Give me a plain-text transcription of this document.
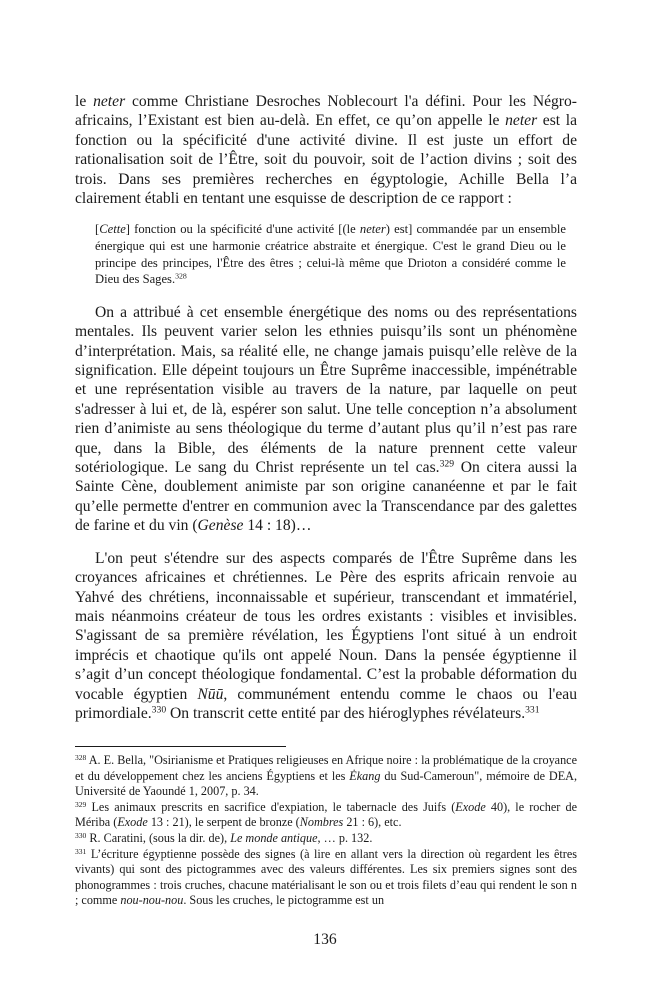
le neter comme Christiane Desroches Noblecourt l'a défini. Pour les Négro-africains, l’Existant est bien au-delà. En effet, ce qu’on appelle le neter est la fonction ou la spécificité d'une activité divine. Il est juste un effort de rationalisation soit de l’Être, soit du pouvoir, soit de l’action divins ; soit des trois. Dans ses premières recherches en égyptologie, Achille Bella l’a clairement établi en tentant une esquisse de description de ce rapport :

[Cette] fonction ou la spécificité d'une activité [(le neter) est] commandée par un ensemble énergique qui est une harmonie créatrice abstraite et énergique. C'est le grand Dieu ou le principe des principes, l'Être des êtres ; celui-là même que Drioton a considéré comme le Dieu des Sages.$^{328}$

On a attribué à cet ensemble énergétique des noms ou des représentations mentales. Ils peuvent varier selon les ethnies puisqu’ils sont un phénomène d’interprétation. Mais, sa réalité elle, ne change jamais puisqu’elle relève de la signification. Elle dépeint toujours un Être Suprême inaccessible, impénétrable et une représentation visible au travers de la nature, par laquelle on peut s'adresser à lui et, de là, espérer son salut. Une telle conception n’a absolument rien d’animiste au sens théologique du terme d’autant plus qu’il n’est pas rare que, dans la Bible, des éléments de la nature prennent cette valeur sotériologique. Le sang du Christ représente un tel cas.$^{329}$ On citera aussi la Sainte Cène, doublement animiste par son origine cananéenne et par le fait qu’elle permette d'entrer en communion avec la Transcendance par des galettes de farine et du vin (Genèse 14 : 18)…

L'on peut s'étendre sur des aspects comparés de l'Être Suprême dans les croyances africaines et chrétiennes. Le Père des esprits africain renvoie au Yahvé des chrétiens, inconnaissable et supérieur, transcendant et immatériel, mais néanmoins créateur de tous les ordres existants : visibles et invisibles. S'agissant de sa première révélation, les Égyptiens l'ont situé à un endroit imprécis et chaotique qu'ils ont appelé Noun. Dans la pensée égyptienne il s’agit d’un concept théologique fondamental. C’est la probable déformation du vocable égyptien Nūū, communément entendu comme le chaos ou l'eau primordiale.$^{330}$ On transcrit cette entité par des hiéroglyphes révélateurs.$^{331}$

$^{328}$ A. E. Bella, "Osirianisme et Pratiques religieuses en Afrique noire : la problématique de la croyance et du développement chez les anciens Égyptiens et les Ėkang du Sud-Cameroun", mémoire de DEA, Université de Yaoundé 1, 2007, p. 34.

$^{329}$ Les animaux prescrits en sacrifice d'expiation, le tabernacle des Juifs (Exode 40), le rocher de Mériba (Exode 13 : 21), le serpent de bronze (Nombres 21 : 6), etc.

$^{330}$ R. Caratini, (sous la dir. de), Le monde antique, … p. 132.

$^{331}$ L’écriture égyptienne possède des signes (à lire en allant vers la direction où regardent les êtres vivants) qui sont des pictogrammes avec des valeurs différentes. Les six premiers signes sont des phonogrammes : trois cruches, chacune matérialisant le son ou et trois filets d’eau qui rendent le son n ; comme nou-nou-nou. Sous les cruches, le pictogramme est un

136
